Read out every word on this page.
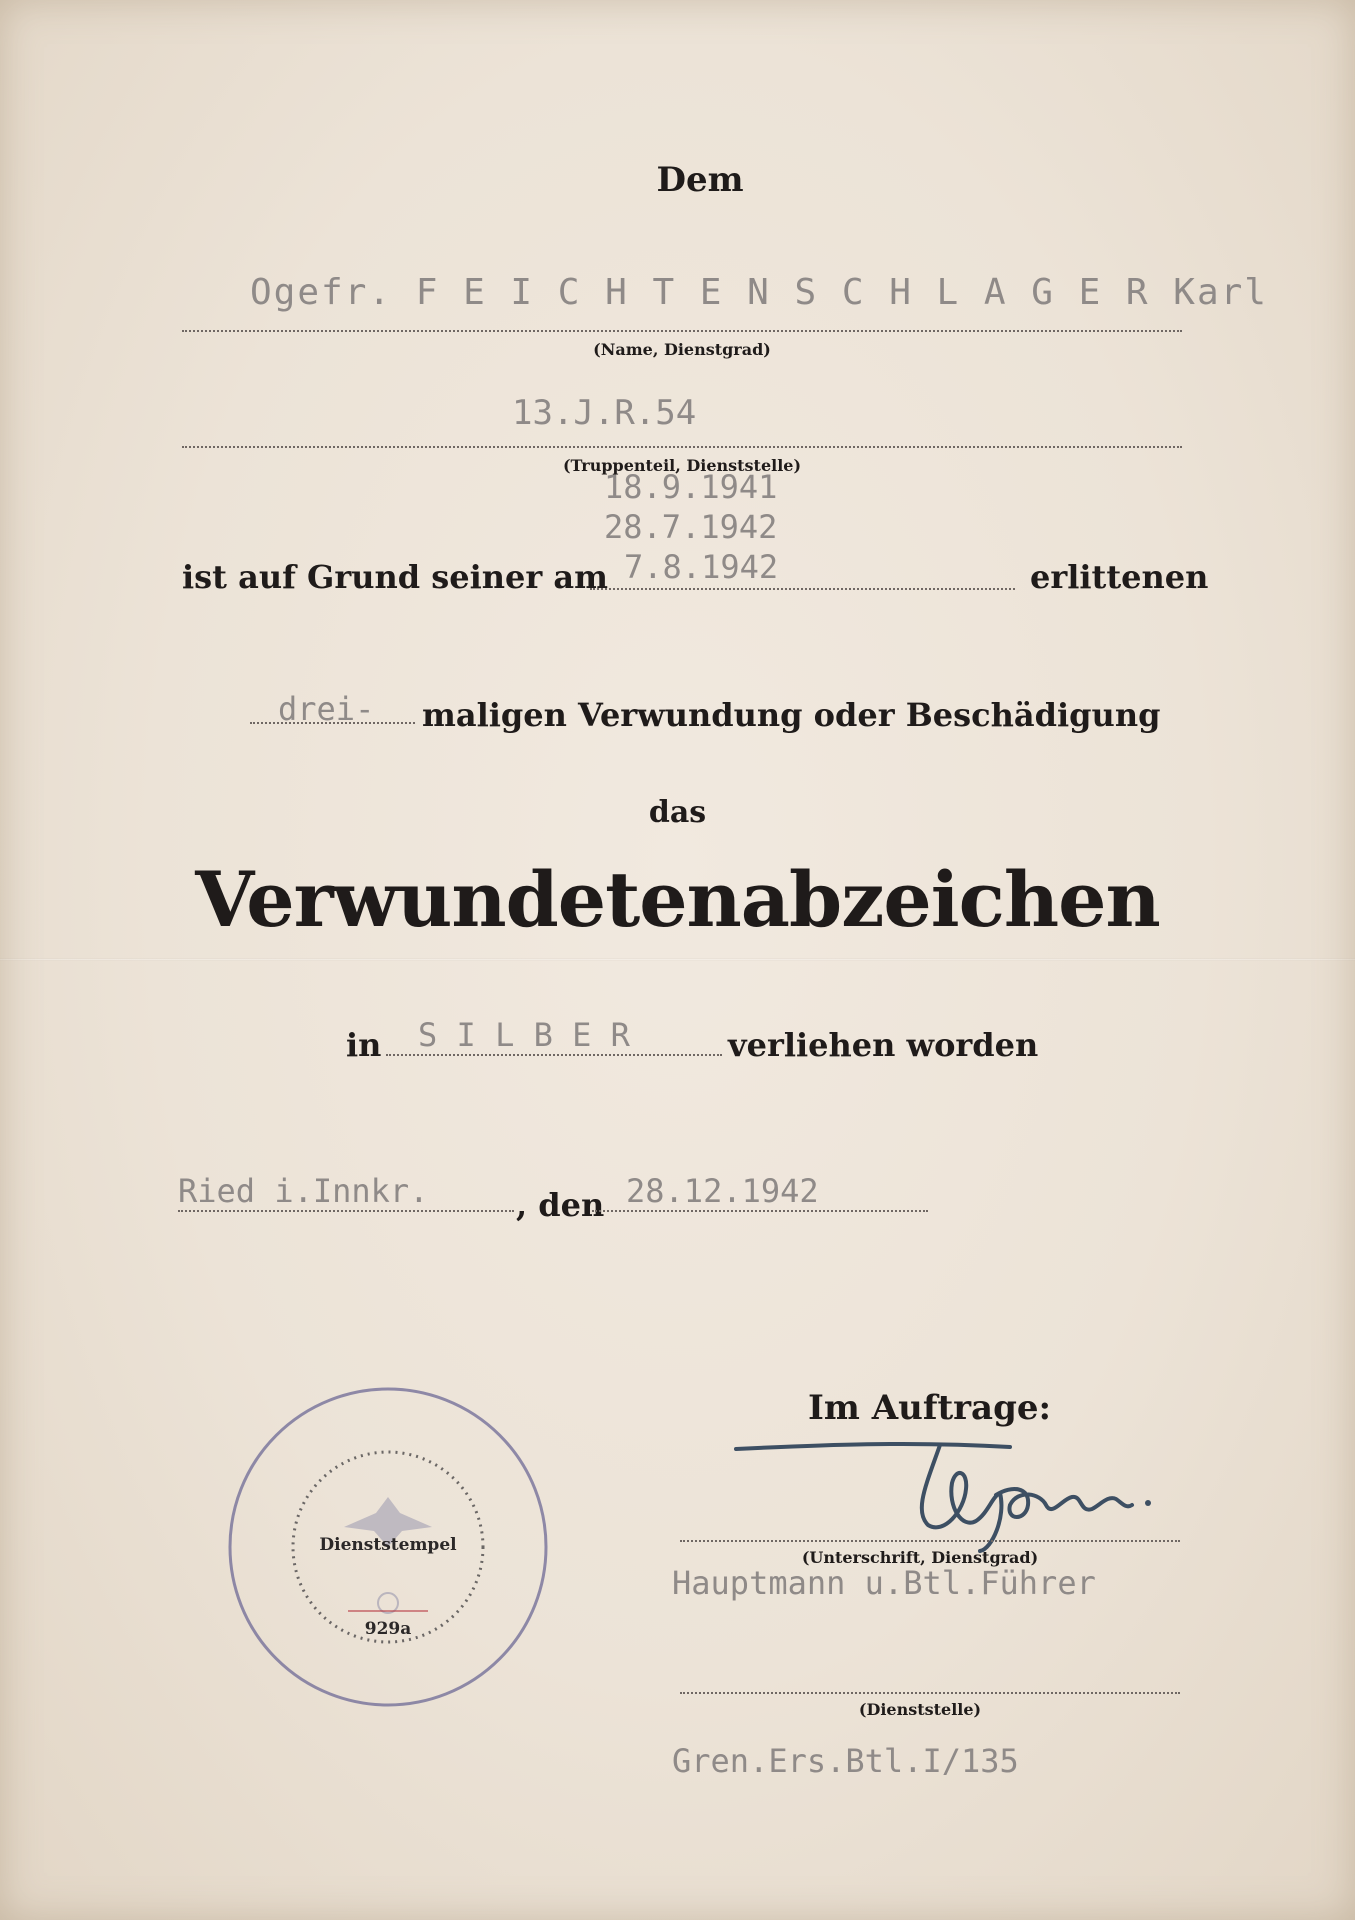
Dem
Ogefr. F E I C H T E N S C H L A G E R Karl
(Name, Dienstgrad)
13.J.R.54
(Truppenteil, Dienststelle)
18.9.1941
28.7.1942
7.8.1942
ist auf Grund seiner am	erlittenen
drei- maligen Verwundung oder Beschädigung
das
Verwundetenabzeichen
in S I L B E R	verliehen worden
Ried i.Innkr.	, den 28.12.1942
Im Auftrage:
(Unterschrift, Dienstgrad)
Hauptmann u.Btl.Führer
(Dienststelle)
Gren.Ers.Btl.I/135
Dienststempel
929a
